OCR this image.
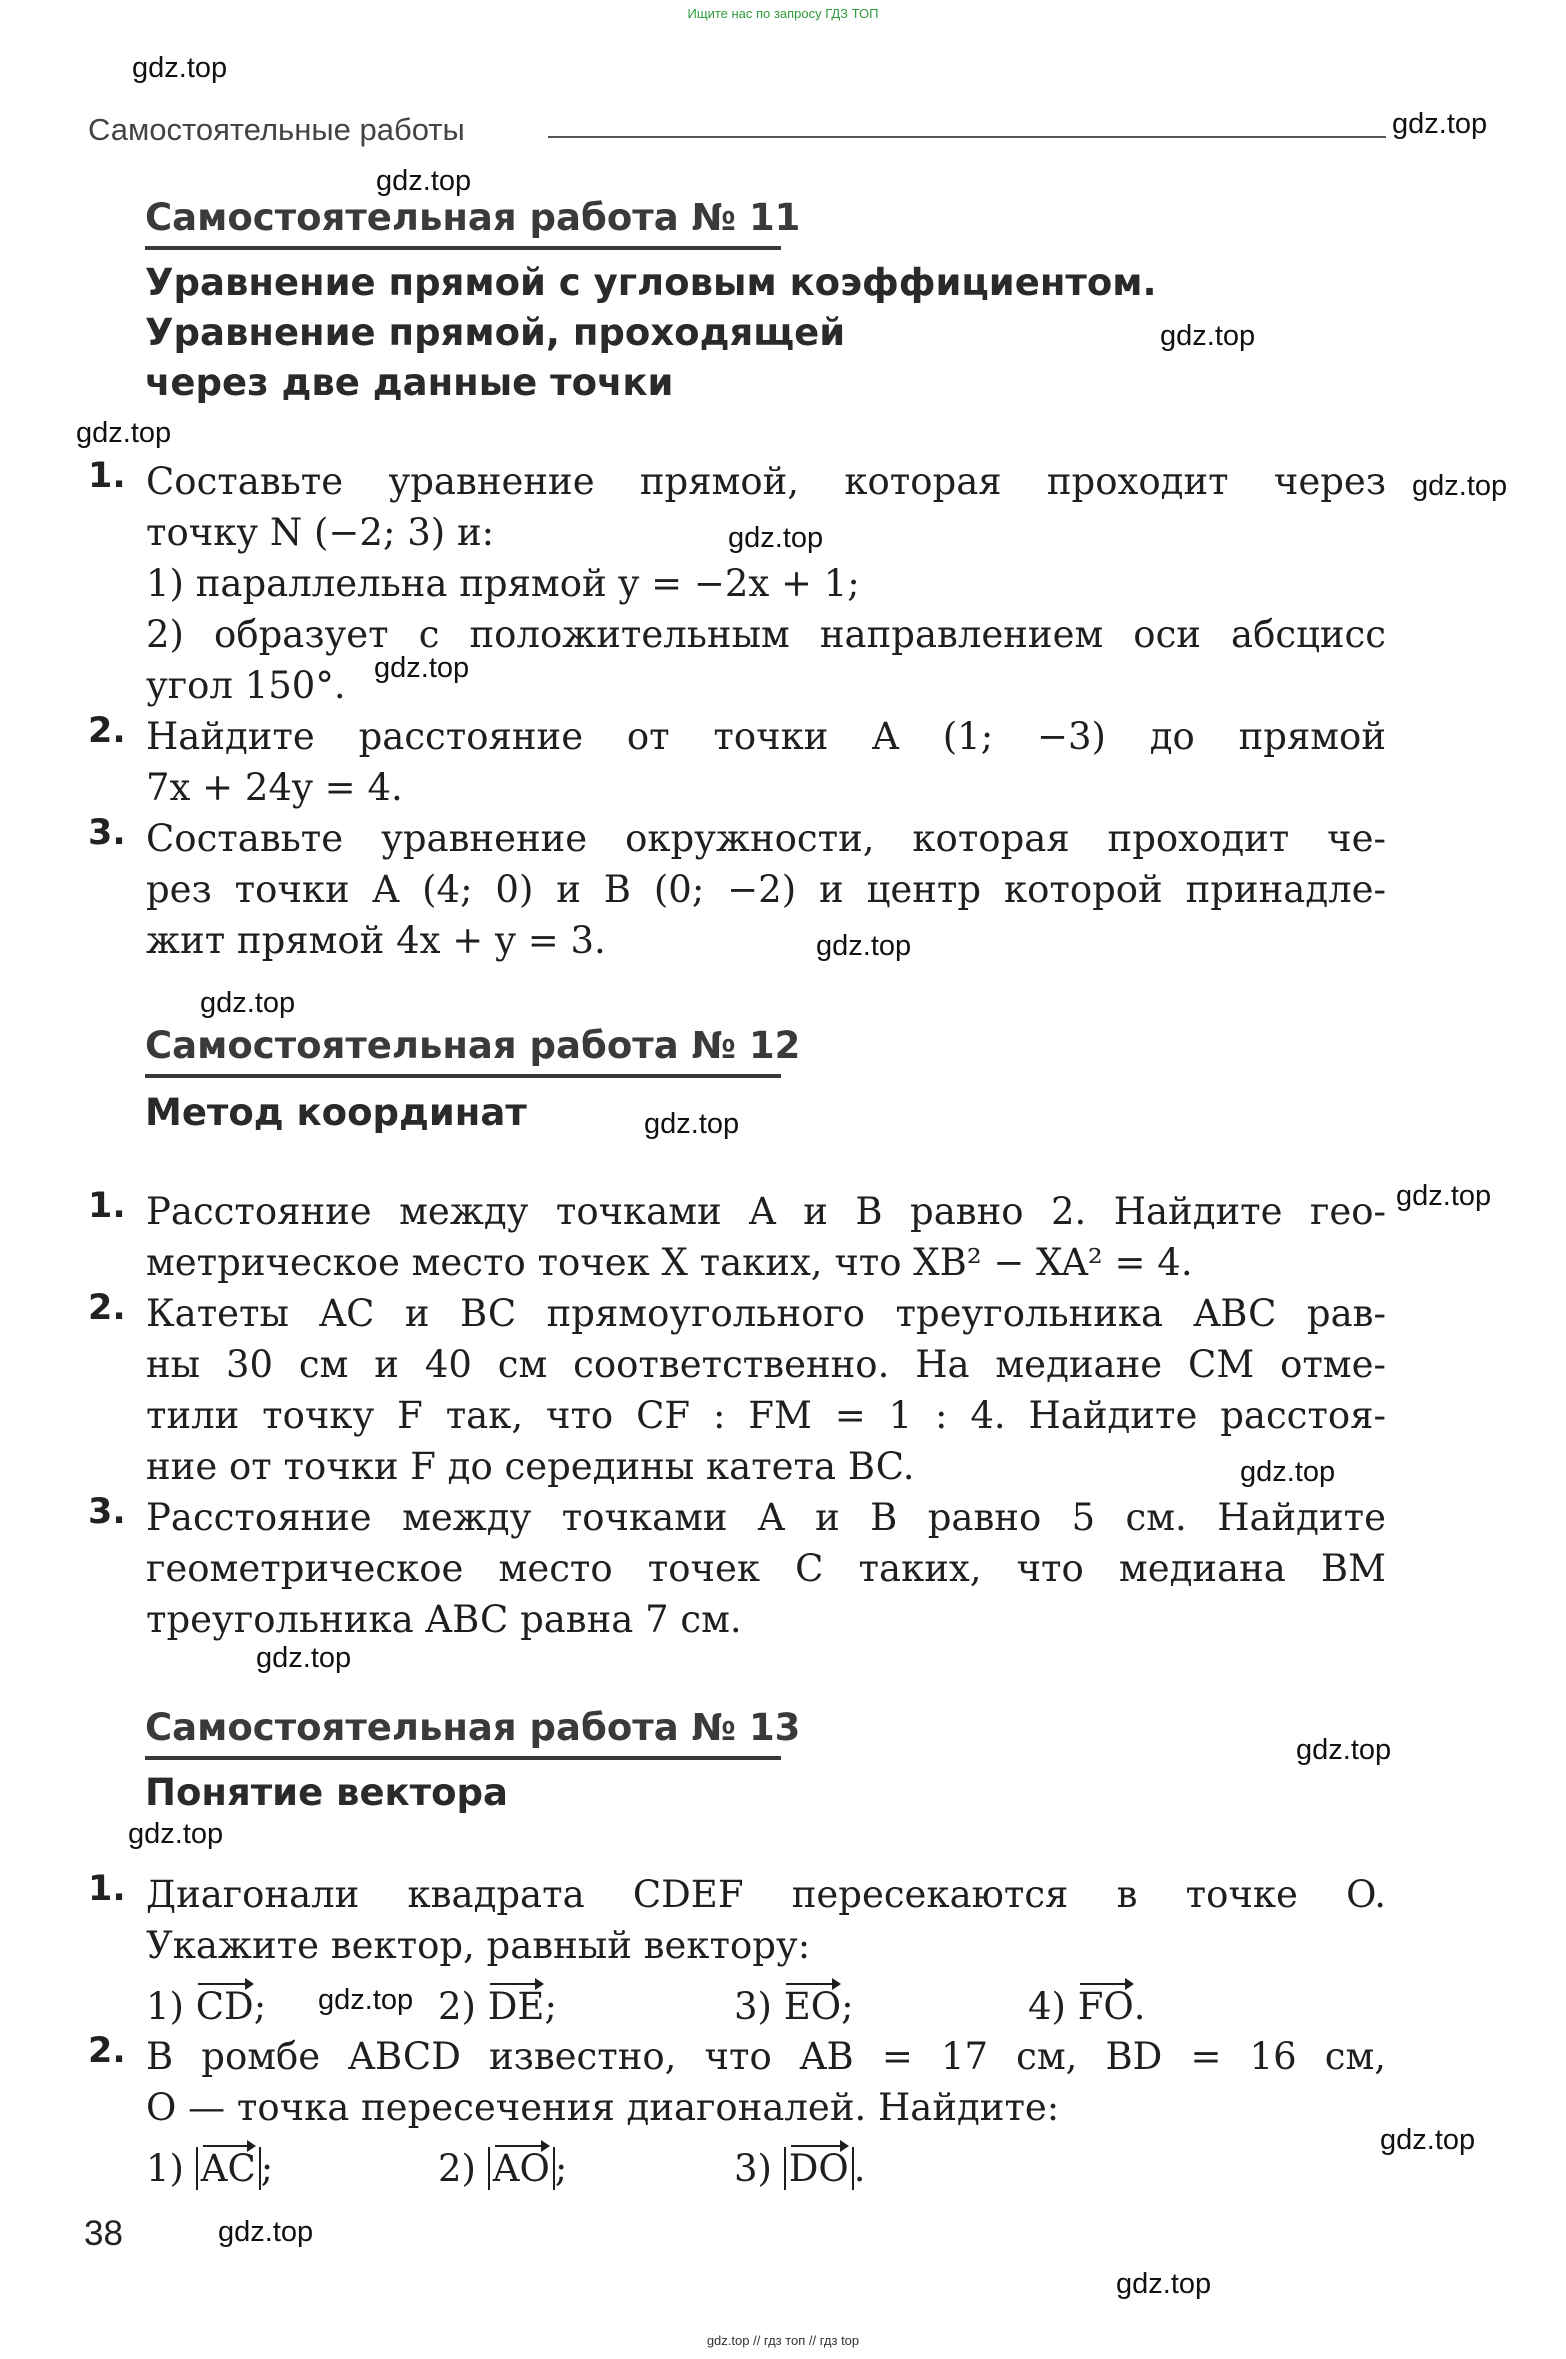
Ищите нас по запросу ГДЗ ТОП
Самостоятельные работы
Самостоятельная работа № 11
Уравнение прямой с угловым коэффициентом.
Уравнение прямой, проходящей
через две данные точки
1. Составьте уравнение прямой, которая проходит через
точку N (−2; 3) и:
1) параллельна прямой y = −2x + 1;
2) образует с положительным направлением оси абсцисс
угол 150°.
2. Найдите расстояние от точки A (1; −3) до прямой
7x + 24y = 4.
3. Составьте уравнение окружности, которая проходит че-
рез точки A (4; 0) и B (0; −2) и центр которой принадле-
жит прямой 4x + y = 3.
Самостоятельная работа № 12
Метод координат
1. Расстояние между точками A и B равно 2. Найдите гео-
метрическое место точек X таких, что XB² − XA² = 4.
2. Катеты AC и BC прямоугольного треугольника ABC рав-
ны 30 см и 40 см соответственно. На медиане CM отме-
тили точку F так, что CF : FM = 1 : 4. Найдите расстоя-
ние от точки F до середины катета BC.
3. Расстояние между точками A и B равно 5 см. Найдите
геометрическое место точек C таких, что медиана BM
треугольника ABC равна 7 см.
Самостоятельная работа № 13
Понятие вектора
1. Диагонали квадрата CDEF пересекаются в точке O.
Укажите вектор, равный вектору:
1) CD;	2) DE;	3) EO;	4) FO.
2. В ромбе ABCD известно, что AB = 17 см, BD = 16 см,
O — точка пересечения диагоналей. Найдите:
1) AC ;	2) AO ;	3) DO .
38
gdz.top
gdz.top
gdz.top
gdz.top
gdz.top
gdz.top
gdz.top
gdz.top
gdz.top
gdz.top
gdz.top
gdz.top
gdz.top
gdz.top
gdz.top
gdz.top
gdz.top
gdz.top
gdz.top
gdz.top
gdz.top // гдз топ // гдз top
